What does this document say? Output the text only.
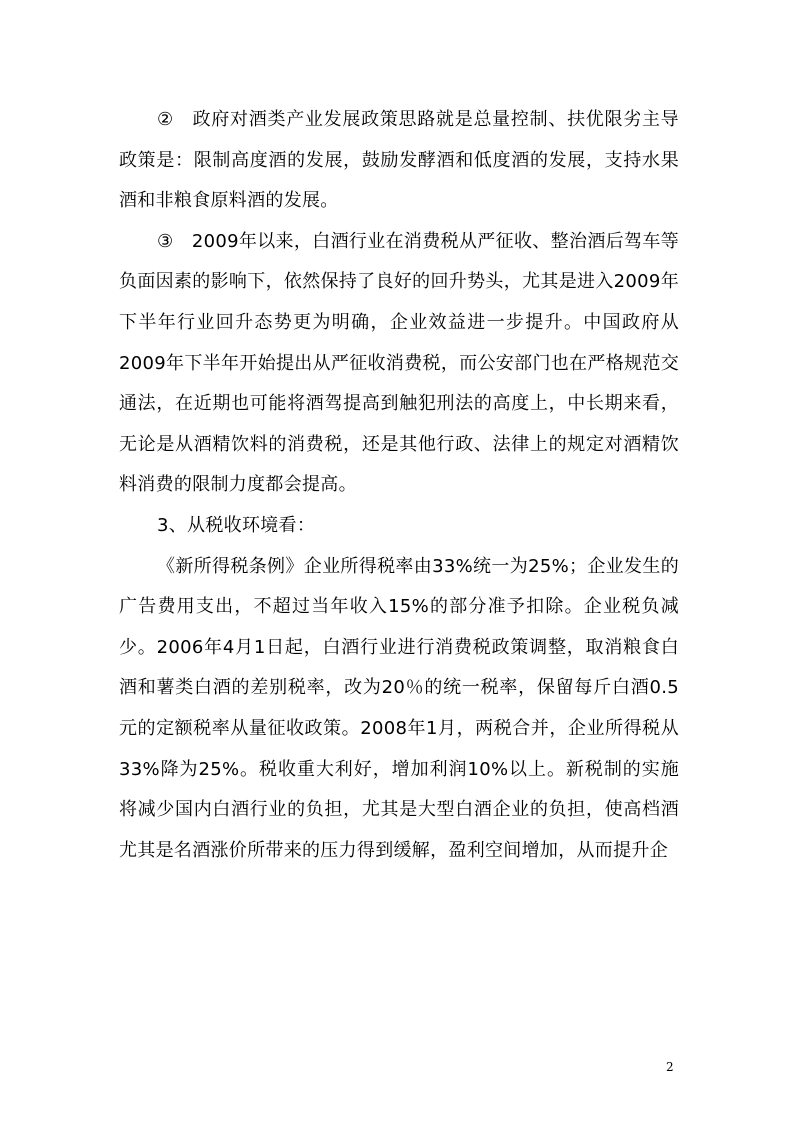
②　政府对酒类产业发展政策思路就是总量控制、扶优限劣主导政策是：限制高度酒的发展，鼓励发酵酒和低度酒的发展，支持水果酒和非粮食原料酒的发展。

③　2009年以来，白酒行业在消费税从严征收、整治酒后驾车等负面因素的影响下，依然保持了良好的回升势头，尤其是进入2009年下半年行业回升态势更为明确，企业效益进一步提升。中国政府从2009年下半年开始提出从严征收消费税，而公安部门也在严格规范交通法，在近期也可能将酒驾提高到触犯刑法的高度上，中长期来看，无论是从酒精饮料的消费税，还是其他行政、法律上的规定对酒精饮料消费的限制力度都会提高。

3、从税收环境看：

《新所得税条例》企业所得税率由33%统一为25%；企业发生的广告费用支出，不超过当年收入15%的部分准予扣除。企业税负减少。2006年4月1日起，白酒行业进行消费税政策调整，取消粮食白酒和薯类白酒的差别税率，改为20％的统一税率，保留每斤白酒0.5元的定额税率从量征收政策。2008年1月，两税合并，企业所得税从33%降为25%。税收重大利好，增加利润10%以上。新税制的实施将减少国内白酒行业的负担，尤其是大型白酒企业的负担，使高档酒尤其是名酒涨价所带来的压力得到缓解，盈利空间增加，从而提升企

2
